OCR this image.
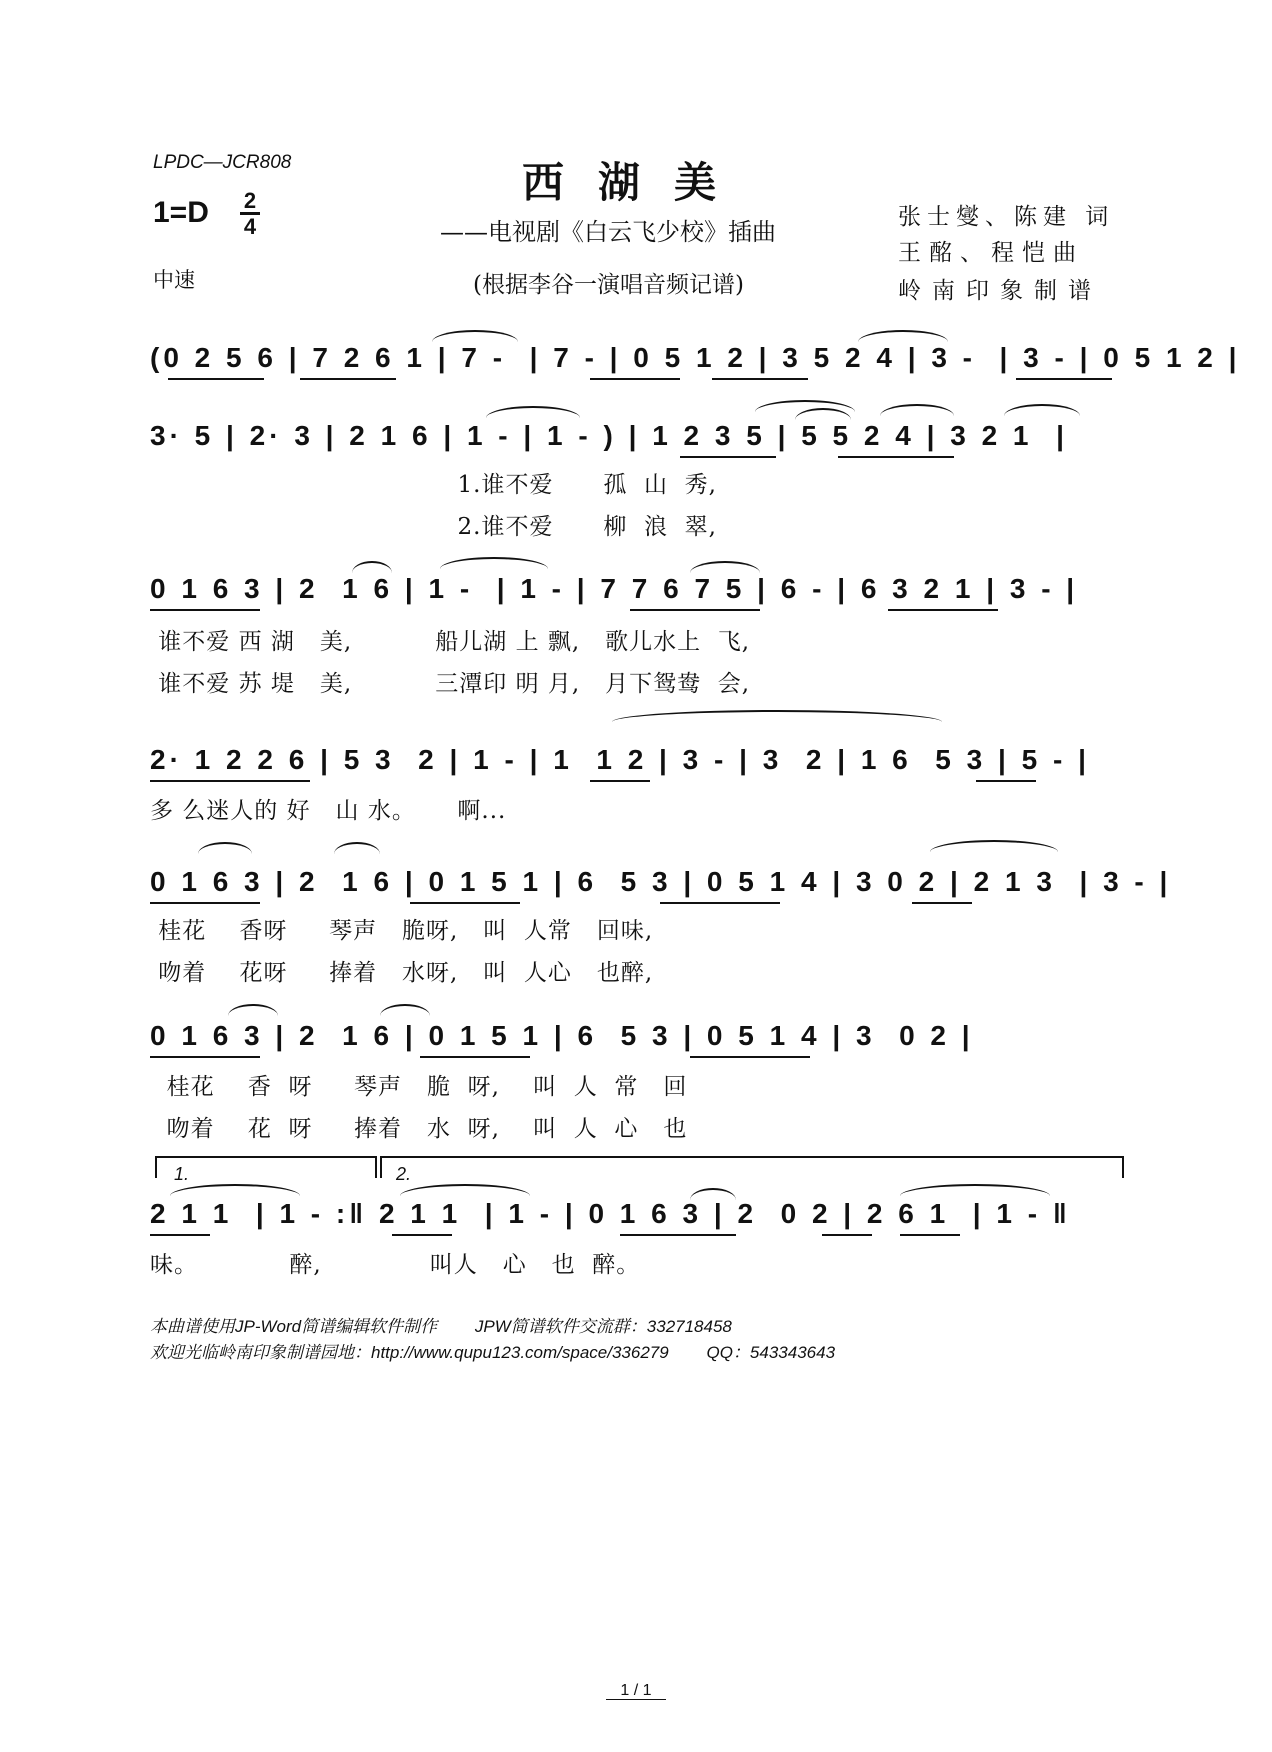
LPDC—JCR808	西湖美
1=D 2
4
中速
——电视剧《白云飞少校》插曲
(根据李谷一演唱音频记谱)
张士燮、陈建 词
王酩、程恺曲
岭南印象制谱
(0 2 5 6 | 7 2 6 1 | 7 -  | 7 - | 0 5 1 2 | 3 5 2 4 | 3 -  | 3 - | 0 5 1 2 |
3· 5 | 2· 3 | 2 1 6 | 1 - | 1 - ) | 1 2 3 5 | 5 5 2 4 | 3 2 1  |
1.谁不爱      孤  山  秀,
2.谁不爱      柳  浪  翠,
0 1 6 3 | 2  1 6 | 1 -  | 1 - | 7 7 6 7 5 | 6 - | 6 3 2 1 | 3 - |
谁不爱 西 湖   美,          船儿湖 上 飘,   歌儿水上  飞,
谁不爱 苏 堤   美,          三潭印 明 月,   月下鸳鸯  会,
2· 1 2 2 6 | 5 3  2 | 1 - | 1  1 2 | 3 - | 3  2 | 1 6  5 3 | 5 - |
多 么迷人的 好   山 水。     啊...
0 1 6 3 | 2  1 6 | 0 1 5 1 | 6  5 3 | 0 5 1 4 | 3 0 2 | 2 1 3  | 3 - |
桂花    香呀     琴声   脆呀,   叫  人常   回味,
吻着    花呀     捧着   水呀,   叫  人心   也醉,
0 1 6 3 | 2  1 6 | 0 1 5 1 | 6  5 3 | 0 5 1 4 | 3  0 2 |
桂花    香  呀     琴声   脆  呀,    叫  人  常   回
吻着    花  呀     捧着   水  呀,    叫  人  心   也
1.	2.
2 1 1  | 1 - :‖ 2 1 1  | 1 - | 0 1 6 3 | 2  0 2 | 2 6 1  | 1 - ‖
味。           醉,             叫人   心   也  醉。
本曲谱使用JP-Word简谱编辑软件制作        JPW简谱软件交流群：332718458
欢迎光临岭南印象制谱园地：http://www.qupu123.com/space/336279        QQ：543343643
1 / 1
